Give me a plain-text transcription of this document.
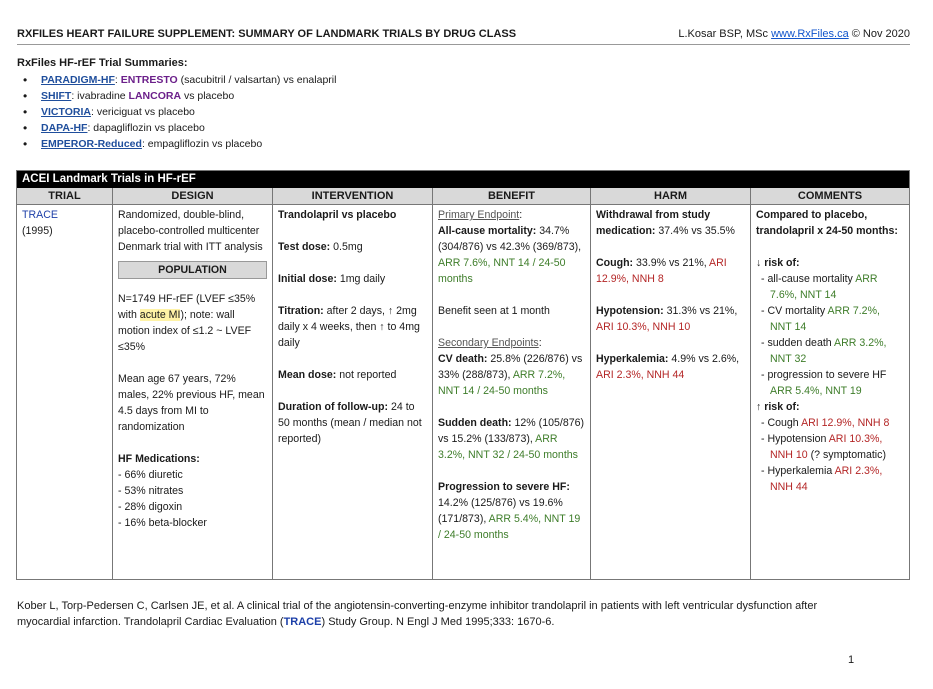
RXFILES HEART FAILURE SUPPLEMENT: SUMMARY OF LANDMARK TRIALS BY DRUG CLASS	L.Kosar BSP, MSc www.RxFiles.ca © Nov 2020
RxFiles HF-rEF Trial Summaries:
• PARADIGM-HF: ENTRESTO (sacubitril / valsartan) vs enalapril
• SHIFT: ivabradine LANCORA vs placebo
• VICTORIA: vericiguat vs placebo
• DAPA-HF: dapagliflozin vs placebo
• EMPEROR-Reduced: empagliflozin vs placebo
ACEI Landmark Trials in HF-rEF
TRIAL
TRACE
(1995)
DESIGN
Randomized, double-blind, placebo-controlled multicenter Denmark trial with ITT analysis
POPULATION
N=1749 HF-rEF (LVEF ≤35% with acute MI); note: wall motion index of ≤1.2 ~ LVEF ≤35%
Mean age 67 years, 72% males, 22% previous HF, mean 4.5 days from MI to randomization
HF Medications:
- 66% diuretic
- 53% nitrates
- 28% digoxin
- 16% beta-blocker
INTERVENTION
Trandolapril vs placebo
Test dose: 0.5mg
Initial dose: 1mg daily
Titration: after 2 days, ↑ 2mg daily x 4 weeks, then ↑ to 4mg daily
Mean dose: not reported
Duration of follow-up: 24 to 50 months (mean / median not reported)
BENEFIT
Primary Endpoint:
All-cause mortality: 34.7% (304/876) vs 42.3% (369/873), ARR 7.6%, NNT 14 / 24-50 months
Benefit seen at 1 month
Secondary Endpoints:
CV death: 25.8% (226/876) vs 33% (288/873), ARR 7.2%, NNT 14 / 24-50 months
Sudden death: 12% (105/876) vs 15.2% (133/873), ARR 3.2%, NNT 32 / 24-50 months
Progression to severe HF: 14.2% (125/876) vs 19.6% (171/873), ARR 5.4%, NNT 19 / 24-50 months
HARM
Withdrawal from study medication: 37.4% vs 35.5%
Cough: 33.9% vs 21%, ARI 12.9%, NNH 8
Hypotension: 31.3% vs 21%, ARI 10.3%, NNH 10
Hyperkalemia: 4.9% vs 2.6%, ARI 2.3%, NNH 44
COMMENTS
Compared to placebo, trandolapril x 24-50 months:
↓ risk of:
- all-cause mortality ARR 7.6%, NNT 14
- CV mortality ARR 7.2%, NNT 14
- sudden death ARR 3.2%, NNT 32
- progression to severe HF ARR 5.4%, NNT 19
↑ risk of:
- Cough ARI 12.9%, NNH 8
- Hypotension ARI 10.3%, NNH 10 (? symptomatic)
- Hyperkalemia ARI 2.3%, NNH 44
Kober L, Torp-Pedersen C, Carlsen JE, et al. A clinical trial of the angiotensin-converting-enzyme inhibitor trandolapril in patients with left ventricular dysfunction after myocardial infarction. Trandolapril Cardiac Evaluation (TRACE) Study Group. N Engl J Med 1995;333: 1670-6.
1
